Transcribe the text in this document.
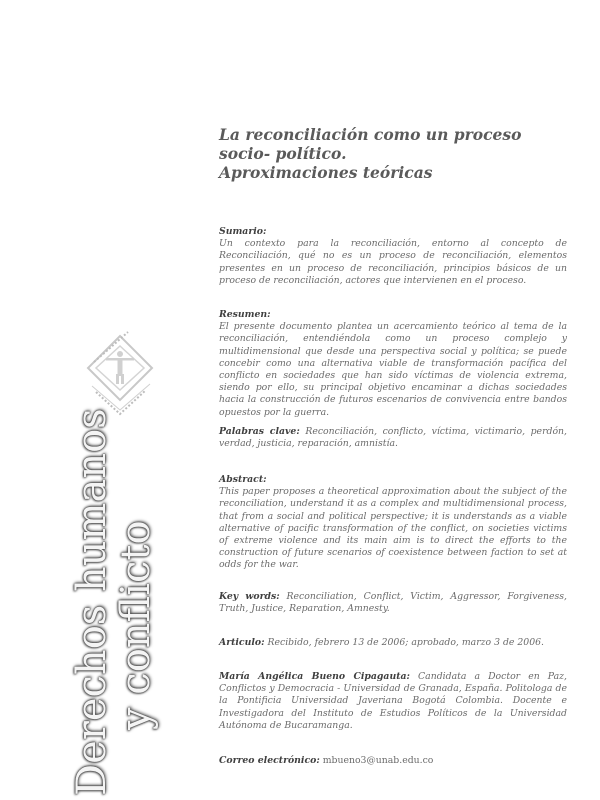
Derechos humanos
y conflicto
La reconciliación como un proceso
socio- político.
Aproximaciones teóricas
Sumario:

Un contexto para la reconciliación, entorno al concepto de Reconciliación, qué no es un proceso de reconciliación, elementos presentes en un proceso de reconciliación, principios básicos de un proceso de reconciliación, actores que intervienen en el proceso.

Resumen:

El presente documento plantea un acercamiento teórico al tema de la reconciliación, entendiéndola como un proceso complejo y multidimensional que desde una perspectiva social y política; se puede concebir como una alternativa viable de transformación pacífica del conflicto en sociedades que han sido víctimas de violencia extrema, siendo por ello, su principal objetivo encaminar a dichas sociedades hacia la construcción de futuros escenarios de convivencia entre bandos opuestos por la guerra.

Palabras clave: Reconciliación, conflicto, víctima, victimario, perdón, verdad, justicia, reparación, amnistía.

Abstract:

This paper proposes a theoretical approximation about the subject of the reconciliation, understand it as a complex and multidimensional process, that from a social and political perspective; it is understands as a viable alternative of pacific transformation of the conflict, on societies victims of extreme violence and its main aim is to direct the efforts to the construction of future scenarios of coexistence between faction to set at odds for the war.

Key words: Reconciliation, Conflict, Victim, Aggressor, Forgiveness, Truth, Justice, Reparation, Amnesty.

Articulo: Recibido, febrero 13 de 2006; aprobado, marzo 3 de 2006.

María Angélica Bueno Cipagauta: Candidata a Doctor en Paz, Conflictos y Democracia - Universidad de Granada, España. Politologa de la Pontificia Universidad Javeriana Bogotá Colombia. Docente e Investigadora del Instituto de Estudios Políticos de la Universidad Autónoma de Bucaramanga.

Correo electrónico: mbueno3@unab.edu.co
